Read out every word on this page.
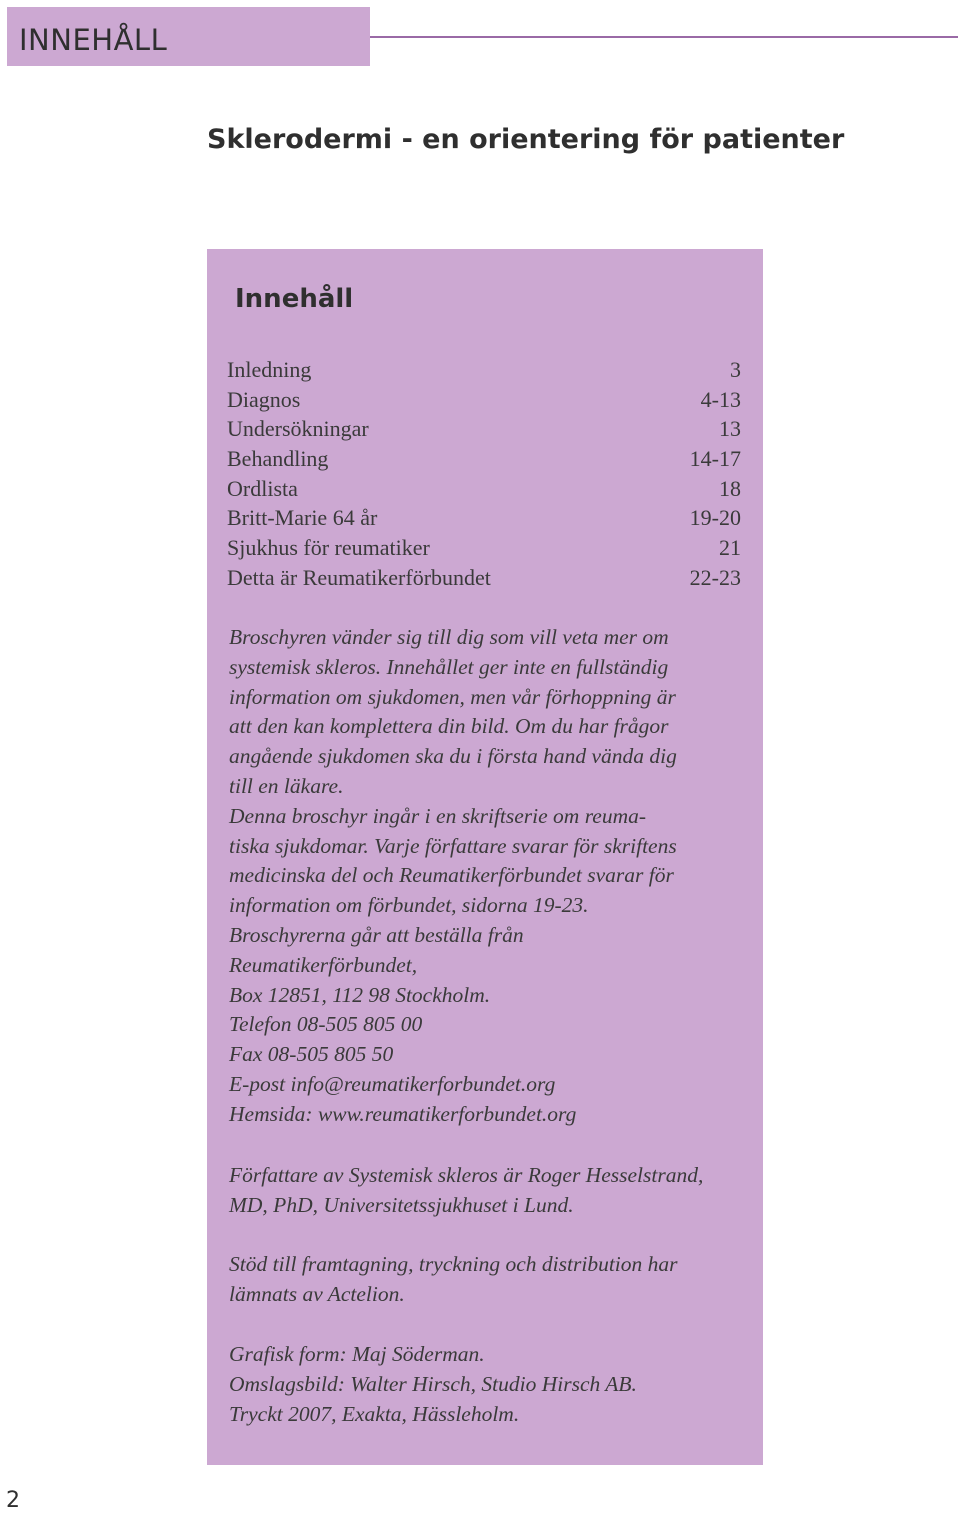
INNEHÅLL
Sklerodermi - en orientering för patienter
Innehåll
Inledning	3
Diagnos	4-13
Undersökningar	13
Behandling	14-17
Ordlista	18
Britt-Marie 64 år	19-20
Sjukhus för reumatiker	21
Detta är Reumatikerförbundet	22-23

Broschyren vänder sig till dig som vill veta mer om

systemisk skleros. Innehållet ger inte en fullständig

information om sjukdomen, men vår förhoppning är

att den kan komplettera din bild. Om du har frågor

angående sjukdomen ska du i första hand vända dig

till en läkare.

Denna broschyr ingår i en skriftserie om reuma-

tiska sjukdomar. Varje författare svarar för skriftens

medicinska del och Reumatikerförbundet svarar för

information om förbundet, sidorna 19-23.

Broschyrerna går att beställa från

Reumatikerförbundet,

Box 12851, 112 98 Stockholm.

Telefon 08-505 805 00

Fax 08-505 805 50

E-post info@reumatikerforbundet.org

Hemsida: www.reumatikerforbundet.org

Författare av Systemisk skleros är Roger Hesselstrand,

MD, PhD, Universitetssjukhuset i Lund.

Stöd till framtagning, tryckning och distribution har

lämnats av Actelion.

Grafisk form: Maj Söderman.

Omslagsbild: Walter Hirsch, Studio Hirsch AB.

Tryckt 2007, Exakta, Hässleholm.

2
